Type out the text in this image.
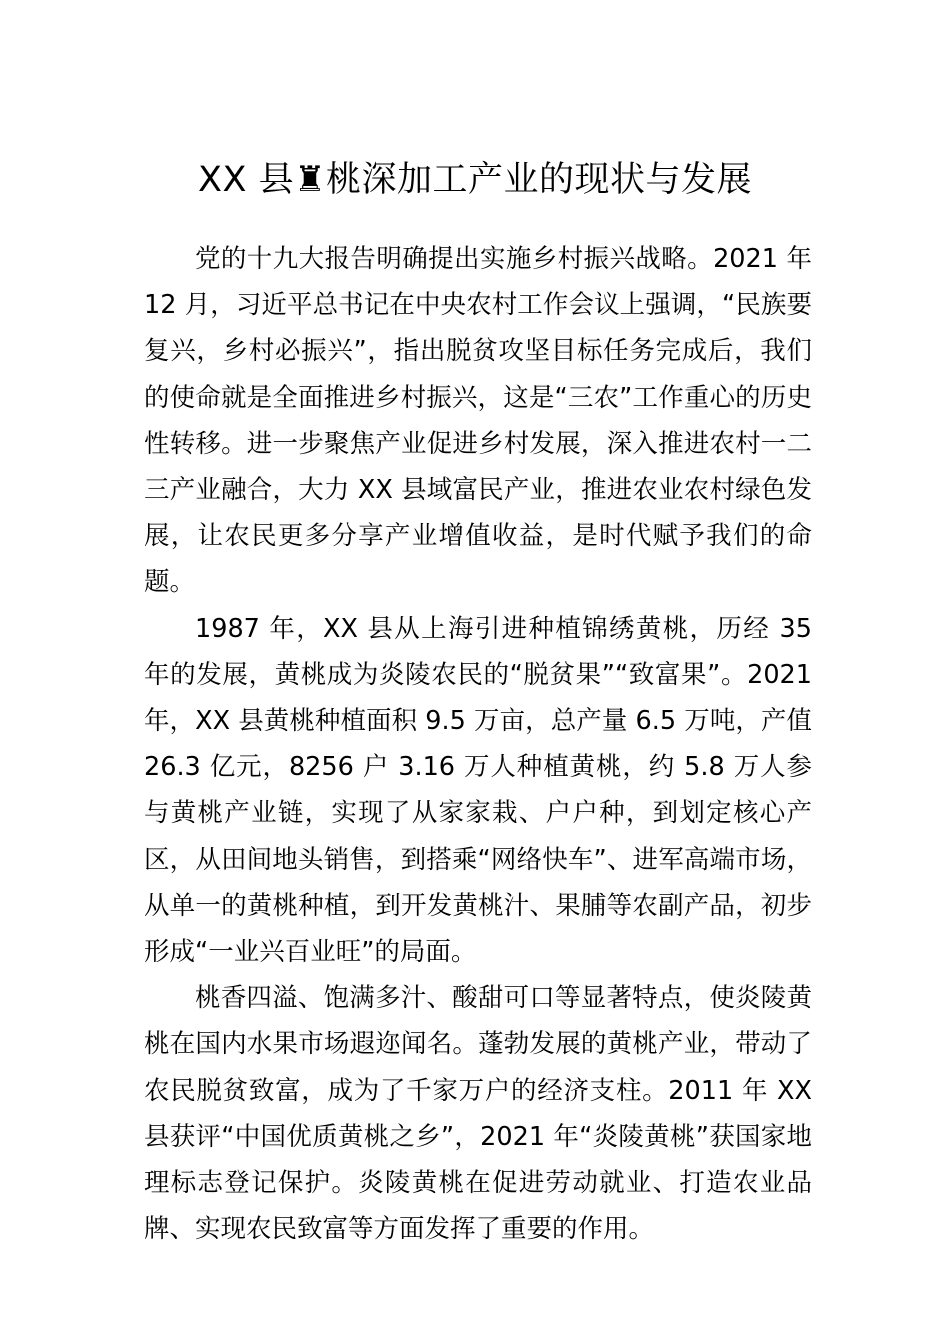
XX 县♜桃深加工产业的现状与发展

党的十九大报告明确提出实施乡村振兴战略。2021 年 12 月，习近平总书记在中央农村工作会议上强调，“民族要复兴，乡村必振兴”，指出脱贫攻坚目标任务完成后，我们的使命就是全面推进乡村振兴，这是“三农”工作重心的历史性转移。进一步聚焦产业促进乡村发展，深入推进农村一二三产业融合，大力 XX 县域富民产业，推进农业农村绿色发展，让农民更多分享产业增值收益，是时代赋予我们的命题。

1987 年，XX 县从上海引进种植锦绣黄桃，历经 35 年的发展，黄桃成为炎陵农民的“脱贫果”“致富果”。2021 年，XX 县黄桃种植面积 9.5 万亩，总产量 6.5 万吨，产值 26.3 亿元，8256 户 3.16 万人种植黄桃，约 5.8 万人参与黄桃产业链，实现了从家家栽、户户种，到划定核心产区，从田间地头销售，到搭乘“网络快车”、进军高端市场，从单一的黄桃种植，到开发黄桃汁、果脯等农副产品，初步形成“一业兴百业旺”的局面。

桃香四溢、饱满多汁、酸甜可口等显著特点，使炎陵黄桃在国内水果市场遐迩闻名。蓬勃发展的黄桃产业，带动了农民脱贫致富，成为了千家万户的经济支柱。2011 年 XX 县获评“中国优质黄桃之乡”，2021 年“炎陵黄桃”获国家地理标志登记保护。炎陵黄桃在促进劳动就业、打造农业品牌、实现农民致富等方面发挥了重要的作用。
